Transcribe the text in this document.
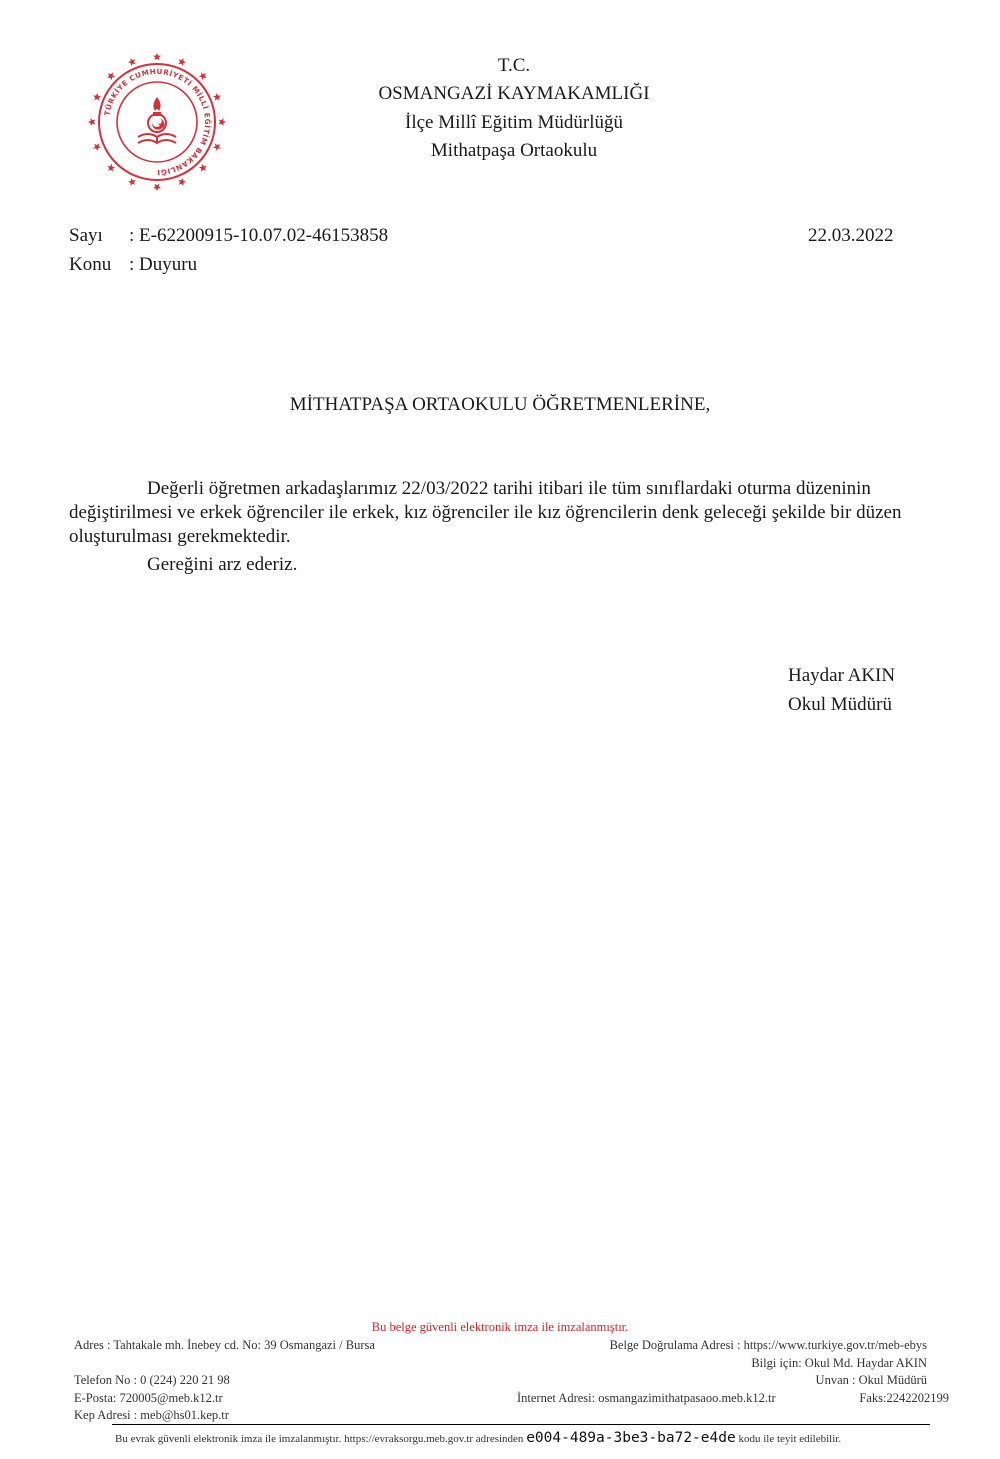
TÜRKİYE CUMHURİYETİ MİLLÎ EĞİTİM BAKANLIĞI
T.C.
OSMANGAZİ KAYMAKAMLIĞI
İlçe Millî Eğitim Müdürlüğü
Mithatpaşa Ortaokulu
Sayı : E-62200915-10.07.02-46153858	22.03.2022
Konu : Duyuru
MİTHATPAŞA ORTAOKULU ÖĞRETMENLERİNE,

Değerli öğretmen arkadaşlarımız 22/03/2022 tarihi itibari ile tüm sınıflardaki oturma düzeninin değiştirilmesi ve erkek öğrenciler ile erkek, kız öğrenciler ile kız öğrencilerin denk geleceği şekilde bir düzen oluşturulması gerekmektedir.

Gereğini arz ederiz.

Haydar AKIN
Okul Müdürü
Bu belge güvenli elektronik imza ile imzalanmıştır.
Adres : Tahtakale mh. İnebey cd. No: 39 Osmangazi / Bursa	Belge Doğrulama Adresi : https://www.turkiye.gov.tr/meb-ebys
Bilgi için: Okul Md. Haydar AKIN
Telefon No : 0 (224) 220 21 98	Unvan : Okul Müdürü
E-Posta: 720005@meb.k12.tr	İnternet Adresi: osmangazimithatpasaoo.meb.k12.tr	Faks:2242202199
Kep Adresi : meb@hs01.kep.tr
Bu evrak güvenli elektronik imza ile imzalanmıştır. https://evraksorgu.meb.gov.tr adresinden e004-489a-3be3-ba72-e4de kodu ile teyit edilebilir.
